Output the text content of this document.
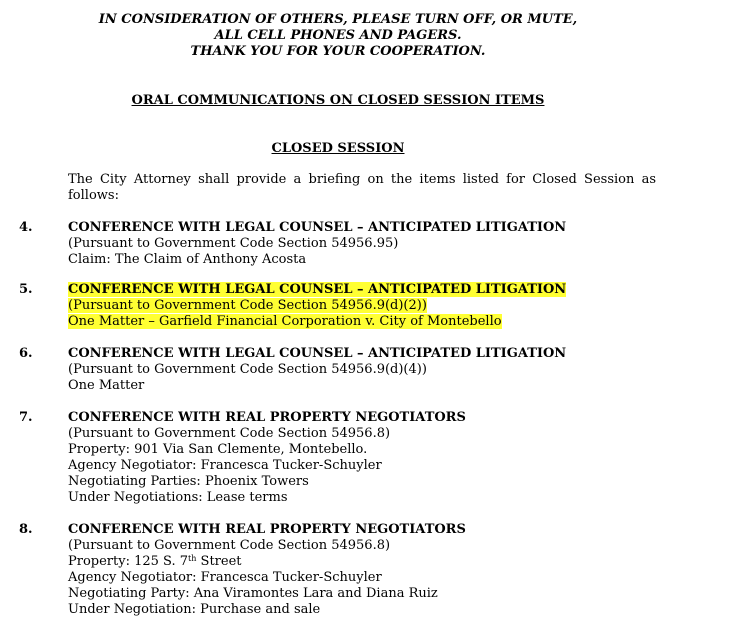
IN CONSIDERATION OF OTHERS, PLEASE TURN OFF, OR MUTE,
ALL CELL PHONES AND PAGERS.
THANK YOU FOR YOUR COOPERATION.
ORAL COMMUNICATIONS ON CLOSED SESSION ITEMS
CLOSED SESSION
The City Attorney shall provide a briefing on the items listed for Closed Session as follows:
4.	CONFERENCE WITH LEGAL COUNSEL – ANTICIPATED LITIGATION
(Pursuant to Government Code Section 54956.95)
Claim: The Claim of Anthony Acosta
5.	CONFERENCE WITH LEGAL COUNSEL – ANTICIPATED LITIGATION
(Pursuant to Government Code Section 54956.9(d)(2))
One Matter – Garfield Financial Corporation v. City of Montebello
6.	CONFERENCE WITH LEGAL COUNSEL – ANTICIPATED LITIGATION
(Pursuant to Government Code Section 54956.9(d)(4))
One Matter
7.	CONFERENCE WITH REAL PROPERTY NEGOTIATORS
(Pursuant to Government Code Section 54956.8)
Property: 901 Via San Clemente, Montebello.
Agency Negotiator: Francesca Tucker-Schuyler
Negotiating Parties: Phoenix Towers
Under Negotiations: Lease terms
8.	CONFERENCE WITH REAL PROPERTY NEGOTIATORS
(Pursuant to Government Code Section 54956.8)
Property: 125 S. 7th Street
Agency Negotiator: Francesca Tucker-Schuyler
Negotiating Party: Ana Viramontes Lara and Diana Ruiz
Under Negotiation: Purchase and sale
